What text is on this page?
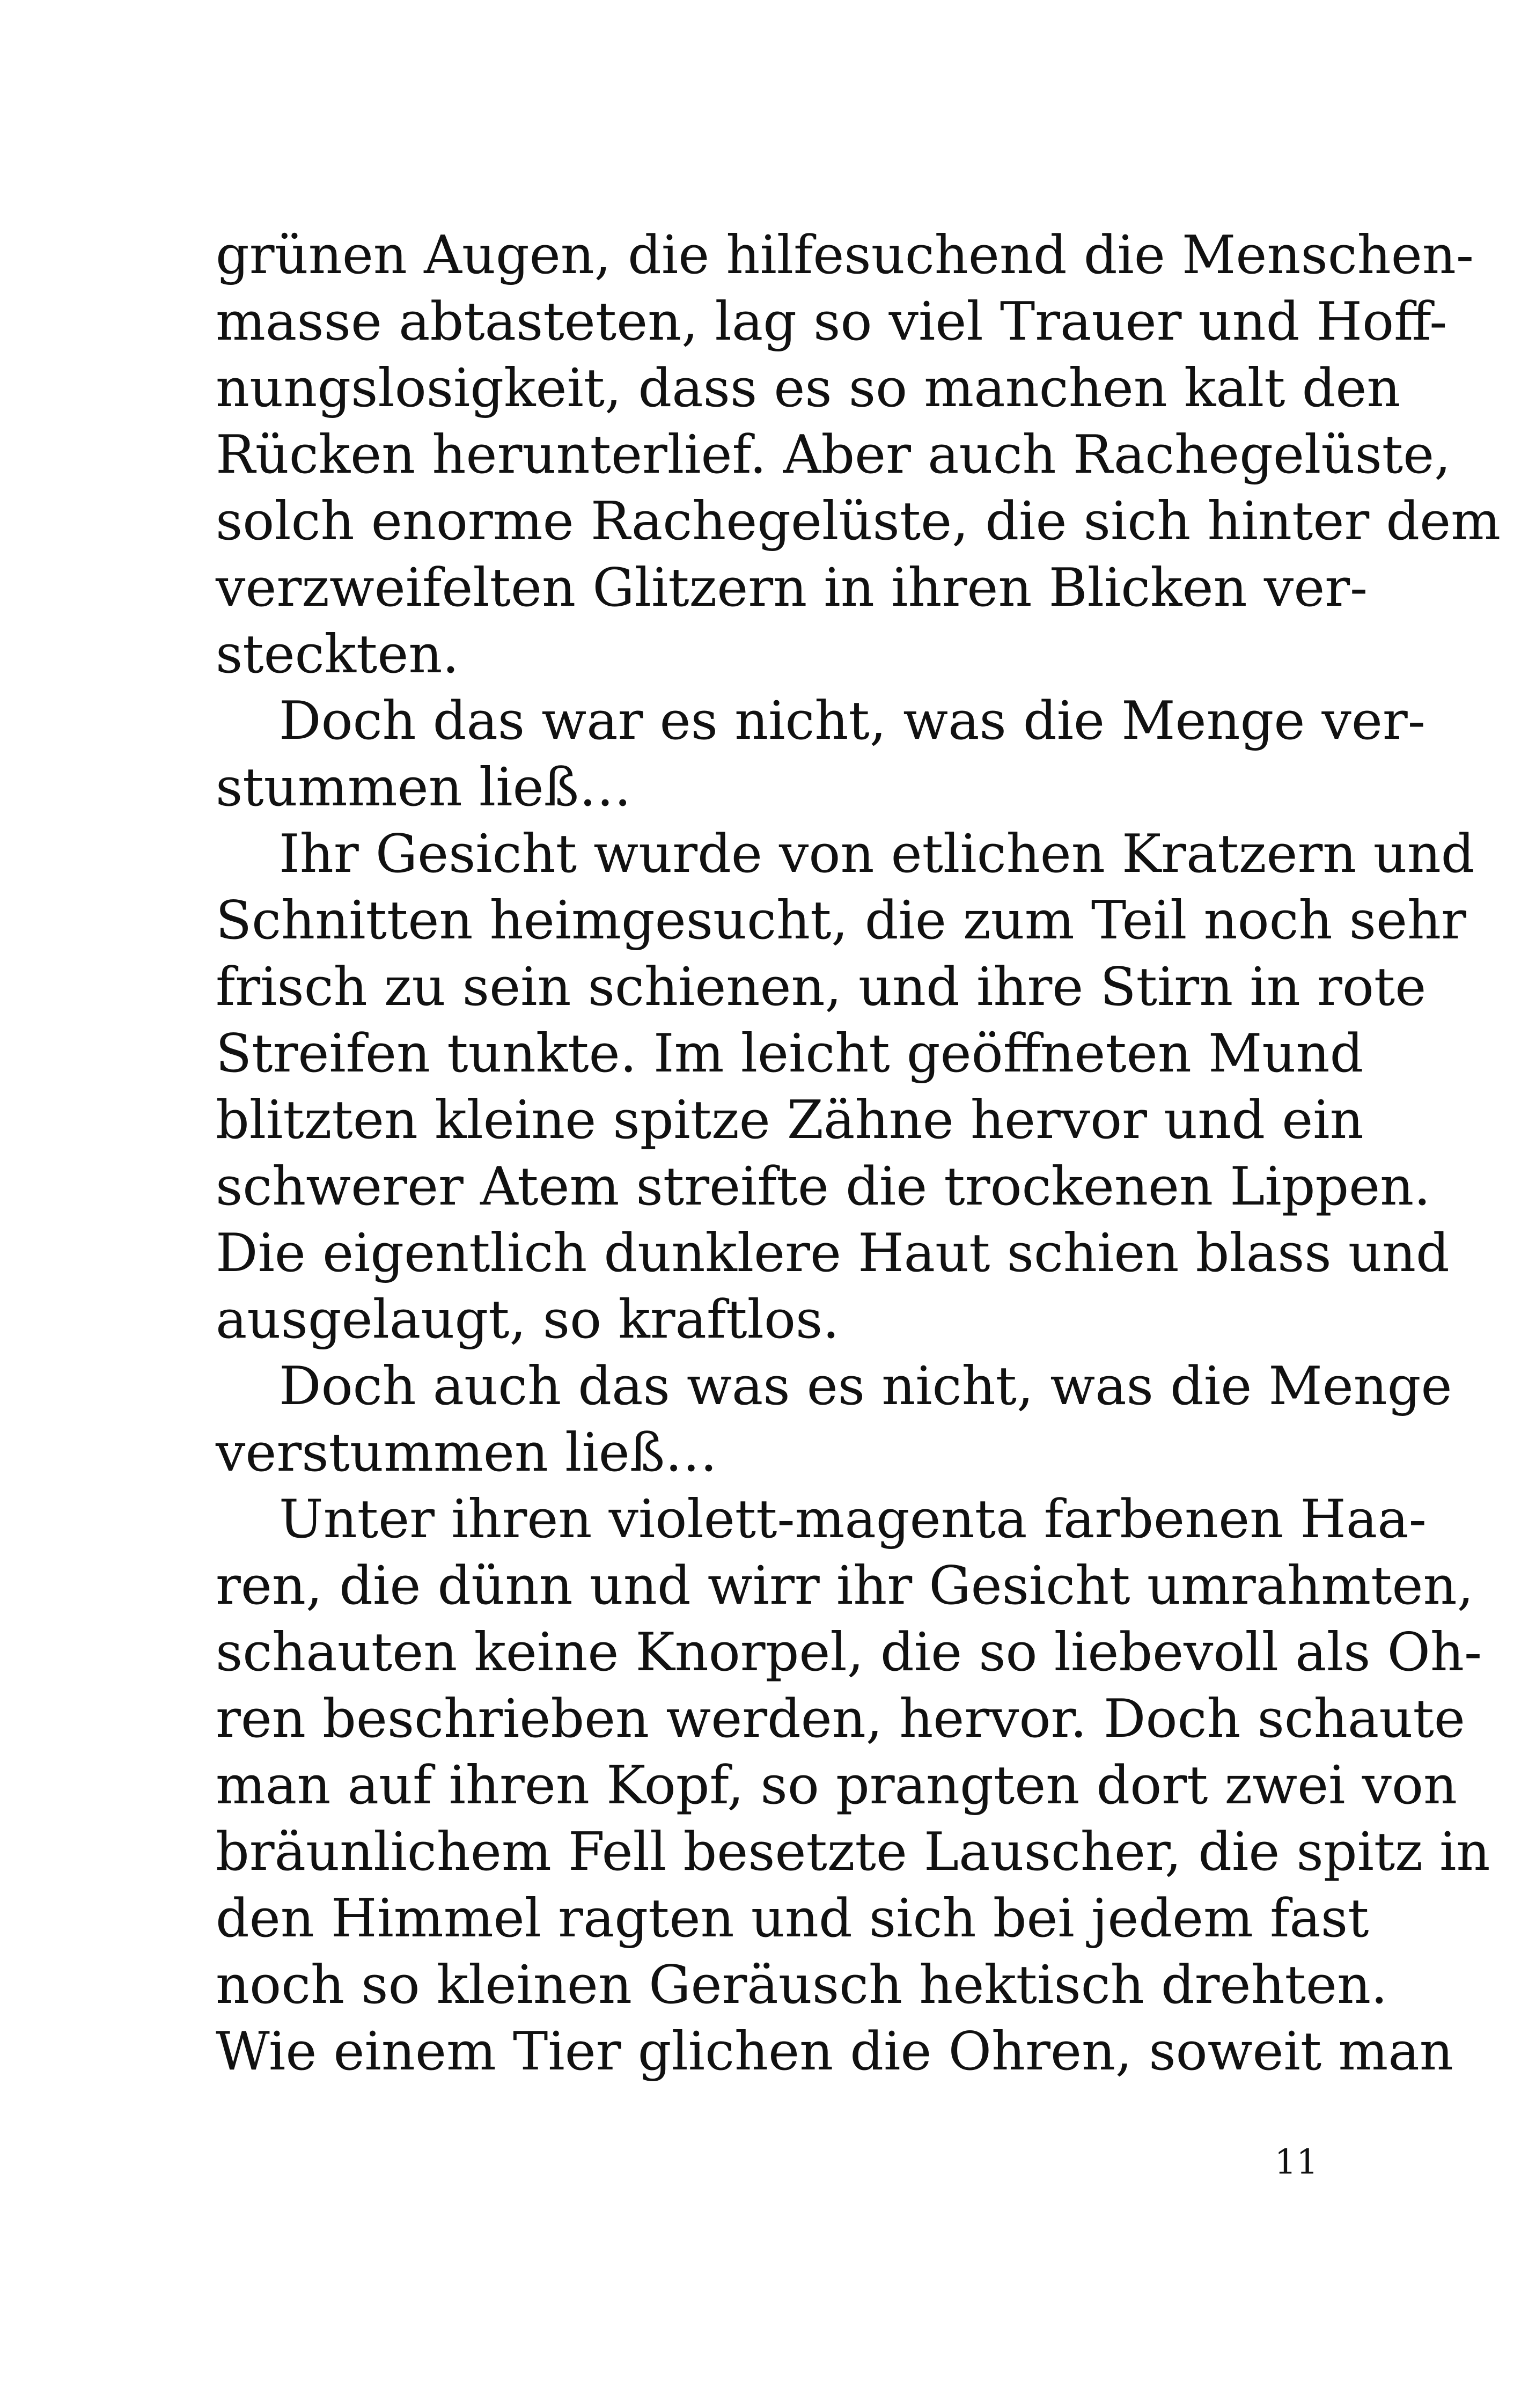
grünen Augen, die hilfesuchend die Menschen-
masse abtasteten, lag so viel Trauer und Hoff-
nungslosigkeit, dass es so manchen kalt den
Rücken herunterlief. Aber auch Rachegelüste,
solch enorme Rachegelüste, die sich hinter dem
verzweifelten Glitzern in ihren Blicken ver-
steckten.
Doch das war es nicht, was die Menge ver-
stummen ließ…
Ihr Gesicht wurde von etlichen Kratzern und
Schnitten heimgesucht, die zum Teil noch sehr
frisch zu sein schienen, und ihre Stirn in rote
Streifen tunkte. Im leicht geöffneten Mund
blitzten kleine spitze Zähne hervor und ein
schwerer Atem streifte die trockenen Lippen.
Die eigentlich dunklere Haut schien blass und
ausgelaugt, so kraftlos.
Doch auch das was es nicht, was die Menge
verstummen ließ…
Unter ihren violett-magenta farbenen Haa-
ren, die dünn und wirr ihr Gesicht umrahmten,
schauten keine Knorpel, die so liebevoll als Oh-
ren beschrieben werden, hervor. Doch schaute
man auf ihren Kopf, so prangten dort zwei von
bräunlichem Fell besetzte Lauscher, die spitz in
den Himmel ragten und sich bei jedem fast
noch so kleinen Geräusch hektisch drehten.
Wie einem Tier glichen die Ohren, soweit man
11
